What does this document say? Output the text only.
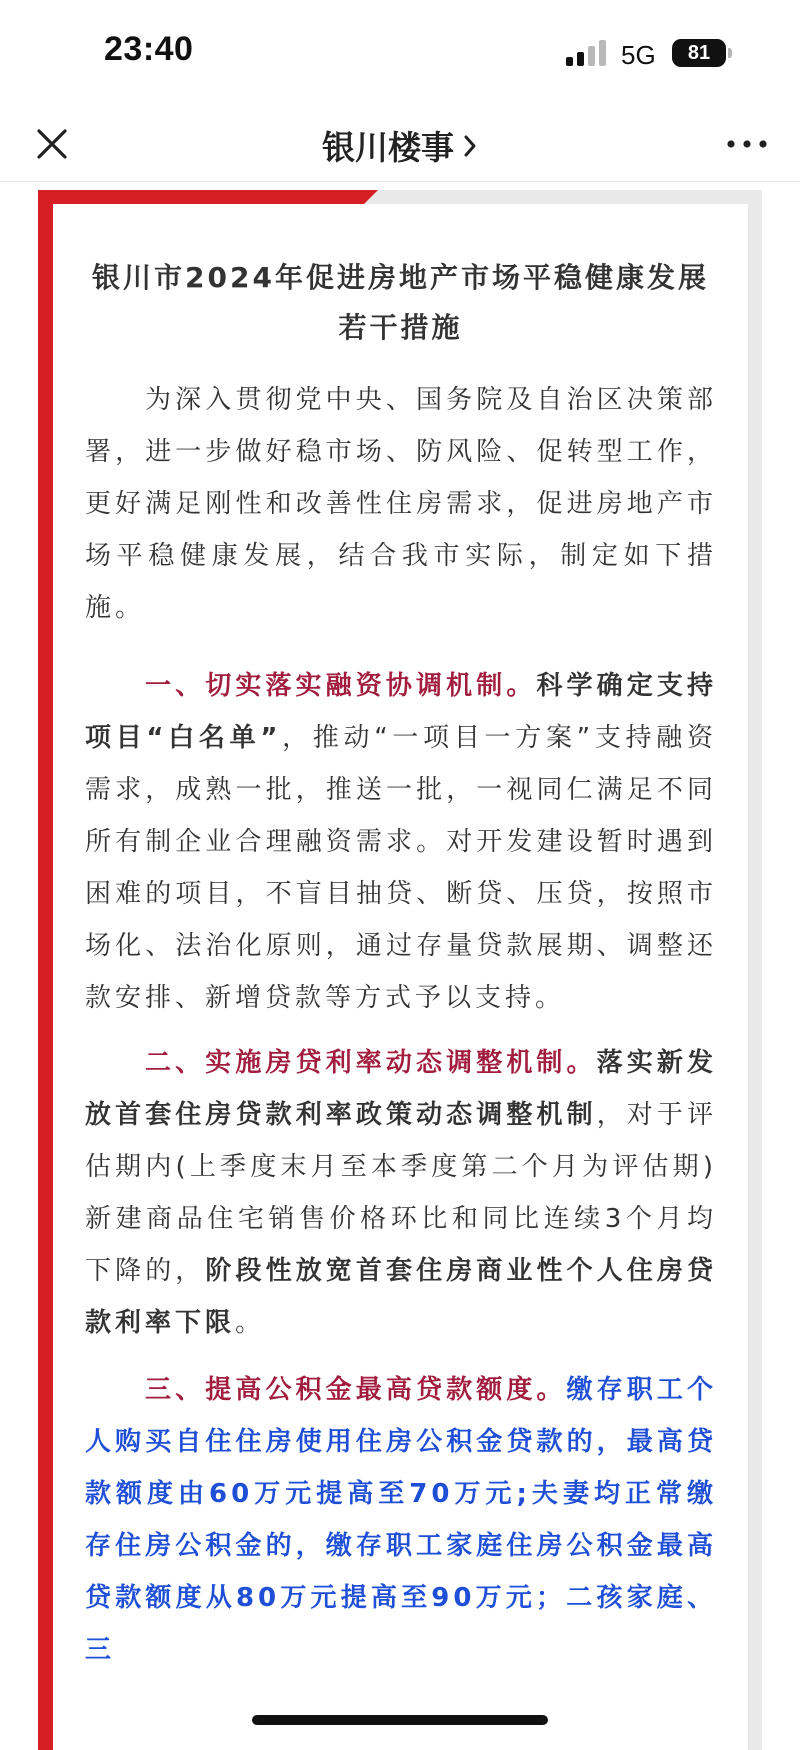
23:40	5G	81
银川楼事
银川市2024年促进房地产市场平稳健康发展
若干措施
为深入贯彻党中央、国务院及自治区决策部署，进一步做好稳市场、防风险、促转型工作，更好满足刚性和改善性住房需求，促进房地产市场平稳健康发展，结合我市实际，制定如下措施。
一、切实落实融资协调机制。科学确定支持项目“白名单”，推动“一项目一方案”支持融资需求，成熟一批，推送一批，一视同仁满足不同所有制企业合理融资需求。对开发建设暂时遇到困难的项目，不盲目抽贷、断贷、压贷，按照市场化、法治化原则，通过存量贷款展期、调整还款安排、新增贷款等方式予以支持。
二、实施房贷利率动态调整机制。落实新发放首套住房贷款利率政策动态调整机制，对于评估期内(上季度末月至本季度第二个月为评估期)新建商品住宅销售价格环比和同比连续3个月均下降的，阶段性放宽首套住房商业性个人住房贷款利率下限。
三、提高公积金最高贷款额度。缴存职工个人购买自住住房使用住房公积金贷款的，最高贷款额度由60万元提高至70万元;夫妻均正常缴存住房公积金的，缴存职工家庭住房公积金最高贷款额度从80万元提高至90万元；二孩家庭、三
